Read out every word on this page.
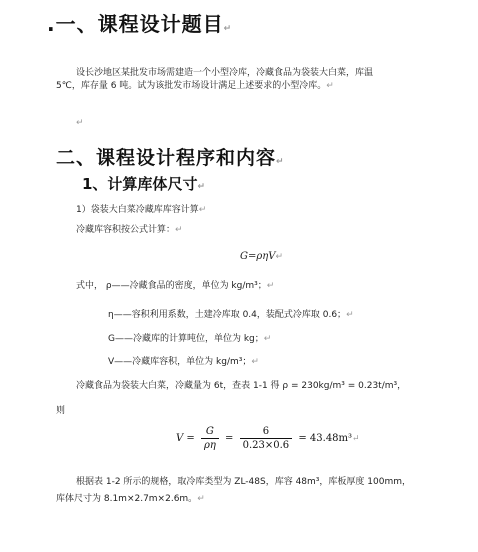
.一、课程设计题目↵
设长沙地区某批发市场需建造一个小型冷库，冷藏食品为袋装大白菜，库温
5℃，库存量 6 吨。试为该批发市场设计满足上述要求的小型冷库。↵
↵
二、课程设计程序和内容↵
1、计算库体尺寸↵
1）袋装大白菜冷藏库库容计算↵
冷藏库容积按公式计算：↵
G=ρηV↵
式中， ρ——冷藏食品的密度，单位为 kg/m³；↵
η——容积利用系数，土建冷库取 0.4，装配式冷库取 0.6；↵
G——冷藏库的计算吨位，单位为 kg；↵
V——冷藏库容积，单位为 kg/m³；↵
冷藏食品为袋装大白菜，冷藏量为 6t，查表 1-1 得 ρ = 230kg/m³ = 0.23t/m³，
则
$V = \frac{G}{\rho\eta} = \frac{6}{0.23\times 0.6}$ = 43.48m³↵
根据表 1-2 所示的规格，取冷库类型为 ZL-48S，库容 48m³，库板厚度 100mm，
库体尺寸为 8.1m×2.7m×2.6m。↵
